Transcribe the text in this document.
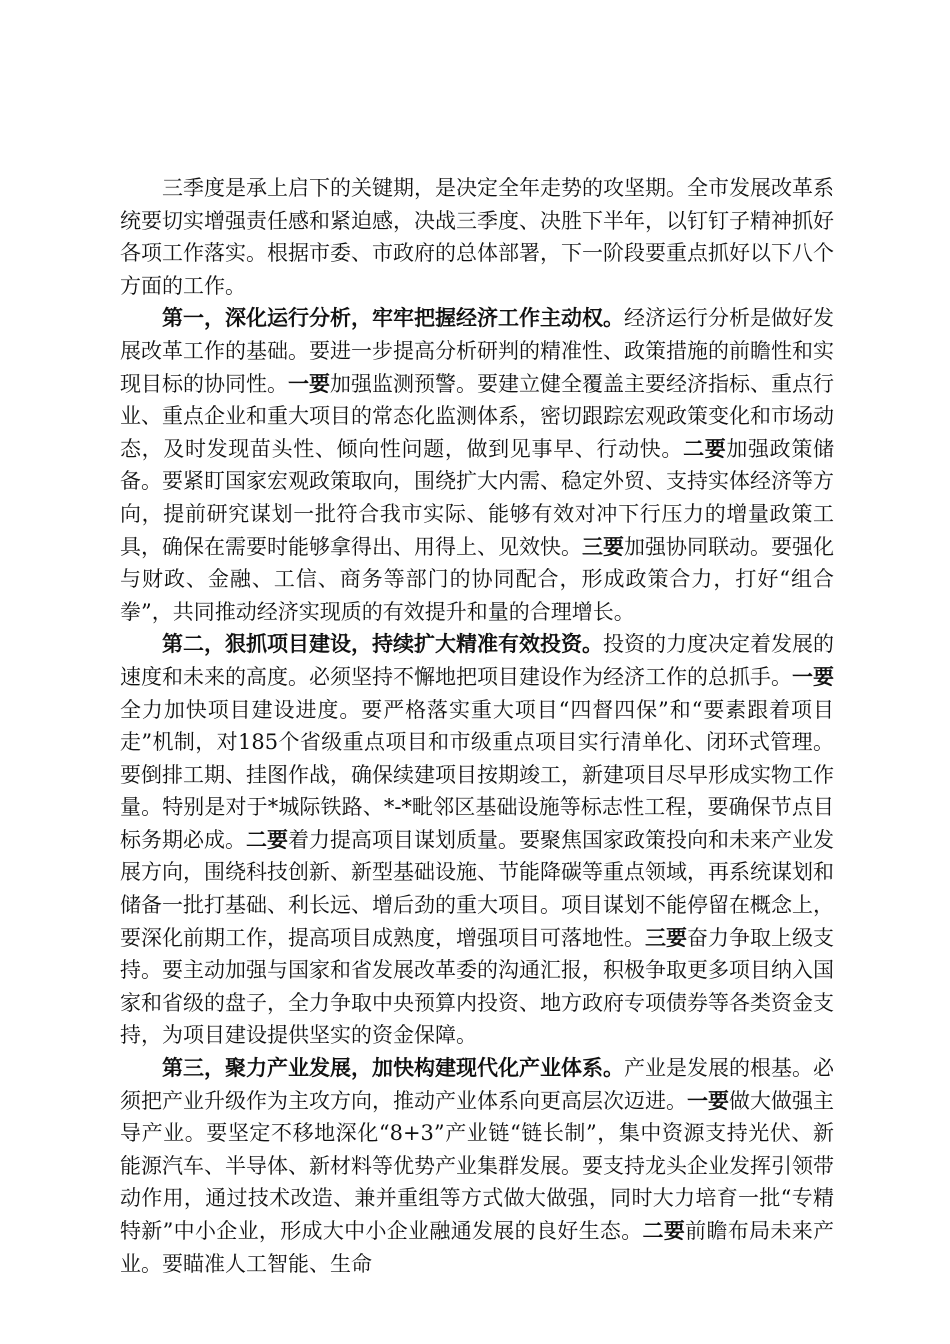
三季度是承上启下的关键期，是决定全年走势的攻坚期。全市发展改革系统要切实增强责任感和紧迫感，决战三季度、决胜下半年，以钉钉子精神抓好各项工作落实。根据市委、市政府的总体部署，下一阶段要重点抓好以下八个方面的工作。

第一，深化运行分析，牢牢把握经济工作主动权。经济运行分析是做好发展改革工作的基础。要进一步提高分析研判的精准性、政策措施的前瞻性和实现目标的协同性。一要加强监测预警。要建立健全覆盖主要经济指标、重点行业、重点企业和重大项目的常态化监测体系，密切跟踪宏观政策变化和市场动态，及时发现苗头性、倾向性问题，做到见事早、行动快。二要加强政策储备。要紧盯国家宏观政策取向，围绕扩大内需、稳定外贸、支持实体经济等方向，提前研究谋划一批符合我市实际、能够有效对冲下行压力的增量政策工具，确保在需要时能够拿得出、用得上、见效快。三要加强协同联动。要强化与财政、金融、工信、商务等部门的协同配合，形成政策合力，打好“组合拳”，共同推动经济实现质的有效提升和量的合理增长。

第二，狠抓项目建设，持续扩大精准有效投资。投资的力度决定着发展的速度和未来的高度。必须坚持不懈地把项目建设作为经济工作的总抓手。一要全力加快项目建设进度。要严格落实重大项目“四督四保”和“要素跟着项目走”机制，对185个省级重点项目和市级重点项目实行清单化、闭环式管理。要倒排工期、挂图作战，确保续建项目按期竣工，新建项目尽早形成实物工作量。特别是对于*城际铁路、*-*毗邻区基础设施等标志性工程，要确保节点目标务期必成。二要着力提高项目谋划质量。要聚焦国家政策投向和未来产业发展方向，围绕科技创新、新型基础设施、节能降碳等重点领域，再系统谋划和储备一批打基础、利长远、增后劲的重大项目。项目谋划不能停留在概念上，要深化前期工作，提高项目成熟度，增强项目可落地性。三要奋力争取上级支持。要主动加强与国家和省发展改革委的沟通汇报，积极争取更多项目纳入国家和省级的盘子，全力争取中央预算内投资、地方政府专项债券等各类资金支持，为项目建设提供坚实的资金保障。

第三，聚力产业发展，加快构建现代化产业体系。产业是发展的根基。必须把产业升级作为主攻方向，推动产业体系向更高层次迈进。一要做大做强主导产业。要坚定不移地深化“8+3”产业链“链长制”，集中资源支持光伏、新能源汽车、半导体、新材料等优势产业集群发展。要支持龙头企业发挥引领带动作用，通过技术改造、兼并重组等方式做大做强，同时大力培育一批“专精特新”中小企业，形成大中小企业融通发展的良好生态。二要前瞻布局未来产业。要瞄准人工智能、生命
